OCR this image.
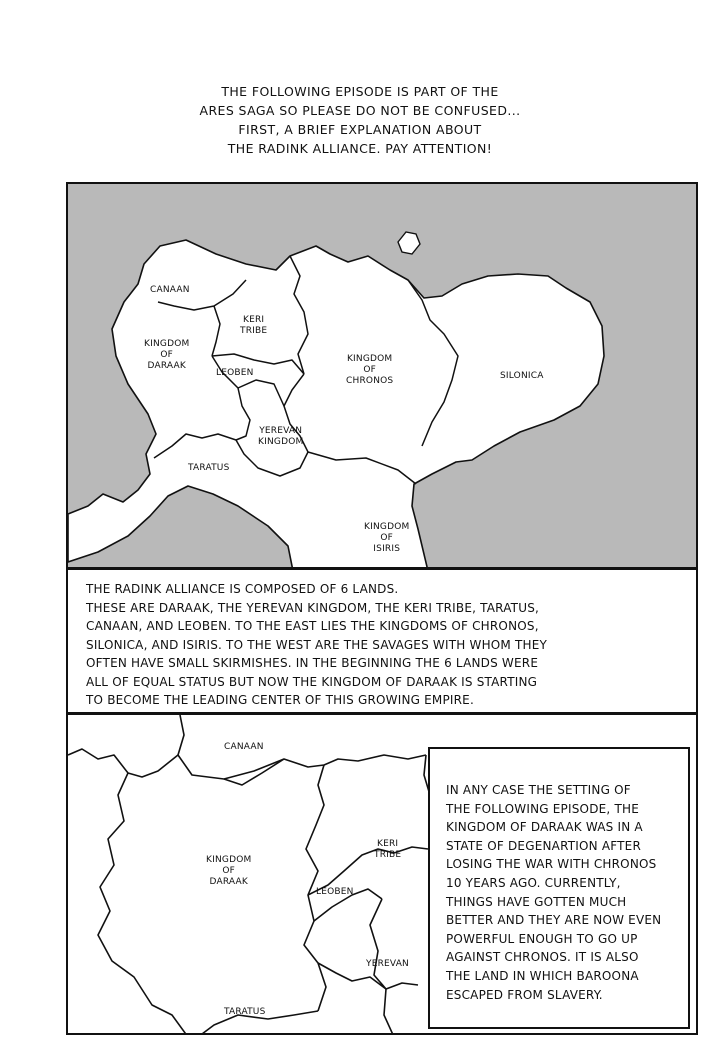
THE FOLLOWING EPISODE IS PART OF THE
ARES SAGA SO PLEASE DO NOT BE CONFUSED...
FIRST, A BRIEF EXPLANATION ABOUT
THE RADINK ALLIANCE. PAY ATTENTION!
CANAAN
KERI
TRIBE
KINGDOM
OF
DARAAK
LEOBEN
KINGDOM
OF
CHRONOS	SILONICA
YEREVAN
KINGDOM
TARATUS
KINGDOM
OF
ISIRIS
THE RADINK ALLIANCE IS COMPOSED OF 6 LANDS.
THESE ARE DARAAK, THE YEREVAN KINGDOM, THE KERI TRIBE, TARATUS,
CANAAN, AND LEOBEN. TO THE EAST LIES THE KINGDOMS OF CHRONOS,
SILONICA, AND ISIRIS. TO THE WEST ARE THE SAVAGES WITH WHOM THEY
OFTEN HAVE SMALL SKIRMISHES. IN THE BEGINNING THE 6 LANDS WERE
ALL OF EQUAL STATUS BUT NOW THE KINGDOM OF DARAAK IS STARTING
TO BECOME THE LEADING CENTER OF THIS GROWING EMPIRE.
CANAAN
KERI
TRIBE
KINGDOM
OF
DARAAK
LEOBEN
YEREVAN
TARATUS
IN ANY CASE THE SETTING OF
THE FOLLOWING EPISODE, THE
KINGDOM OF DARAAK WAS IN A
STATE OF DEGENARTION AFTER
LOSING THE WAR WITH CHRONOS
10 YEARS AGO. CURRENTLY,
THINGS HAVE GOTTEN MUCH
BETTER AND THEY ARE NOW EVEN
POWERFUL ENOUGH TO GO UP
AGAINST CHRONOS. IT IS ALSO
THE LAND IN WHICH BAROONA
ESCAPED FROM SLAVERY.
